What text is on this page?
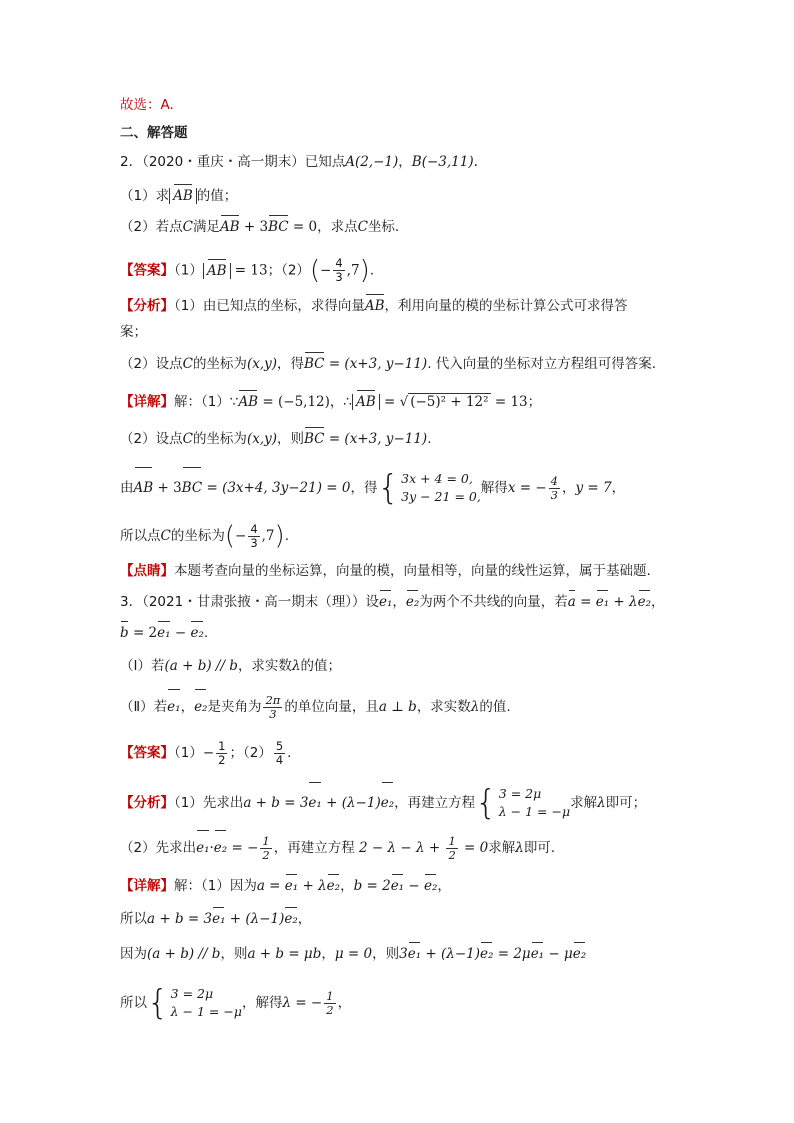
故选：A.
二、解答题
2．（2020・重庆・高一期末）已知点A(2,−1)，B(−3,11).
（1）求 AB 的值；
（2）若点C满足AB + 3BC = 0，求点C坐标.
【答案】（1） AB = 13；$(2)(- \frac{4}{3} ,7)$.
【分析】（1）由已知点的坐标，求得向量AB，利用向量的模的坐标计算公式可求得答
案；
（2）设点C的坐标为(x,y)，得BC = (x+3, y−11). 代入向量的坐标对立方程组可得答案.
【详解】解：（1）∵AB = (−5,12)，∴ AB = √ (−5)² + 12² = 13；
（2）设点C的坐标为(x,y)，则BC = (x+3, y−11).
由AB + 3BC = (3x+4, 3y−21) = 0，得{ 3x + 4 = 0,
3y − 21 = 0,
解得x = − $\frac{4}{3}$ ，y = 7，
所以点C的坐标为(− $\frac{4}{3} ,7$).
【点睛】本题考查向量的坐标运算，向量的模，向量相等，向量的线性运算，属于基础题.
3．（2021・甘肃张掖・高一期末（理））设e₁，e₂为两个不共线的向量，若a = e₁ + λe₂，
b = 2e₁ − e₂.
（Ⅰ）若(a + b) // b，求实数λ的值；
（Ⅱ）若e₁，e₂是夹角为 $\frac{2\pi}{3}$ 的单位向量，且a ⊥ b，求实数λ的值.
【答案】$(1)- \frac{1}{2}$ ；$(2) \frac{5}{4}$ .
【分析】（1）先求出a + b = 3e₁ + (λ−1)e₂，再建立方程{ 3 = 2μ
λ − 1 = −μ
求解λ即可；
（2）先求出e₁·e₂ = − $\frac{1}{2}$ ，再建立方程 $2 - \lambda - \lambda + \frac{1}{2} = 0$求解λ即可.
【详解】解：（1）因为a = e₁ + λe₂，b = 2e₁ − e₂，
所以a + b = 3e₁ + (λ−1)e₂，
因为(a + b) // b，则a + b = μb，μ = 0，则3e₁ + (λ−1)e₂ = 2μe₁ − μe₂
所以{ 3 = 2μ
λ − 1 = −μ
，解得λ = − $\frac{1}{2}$ ，
